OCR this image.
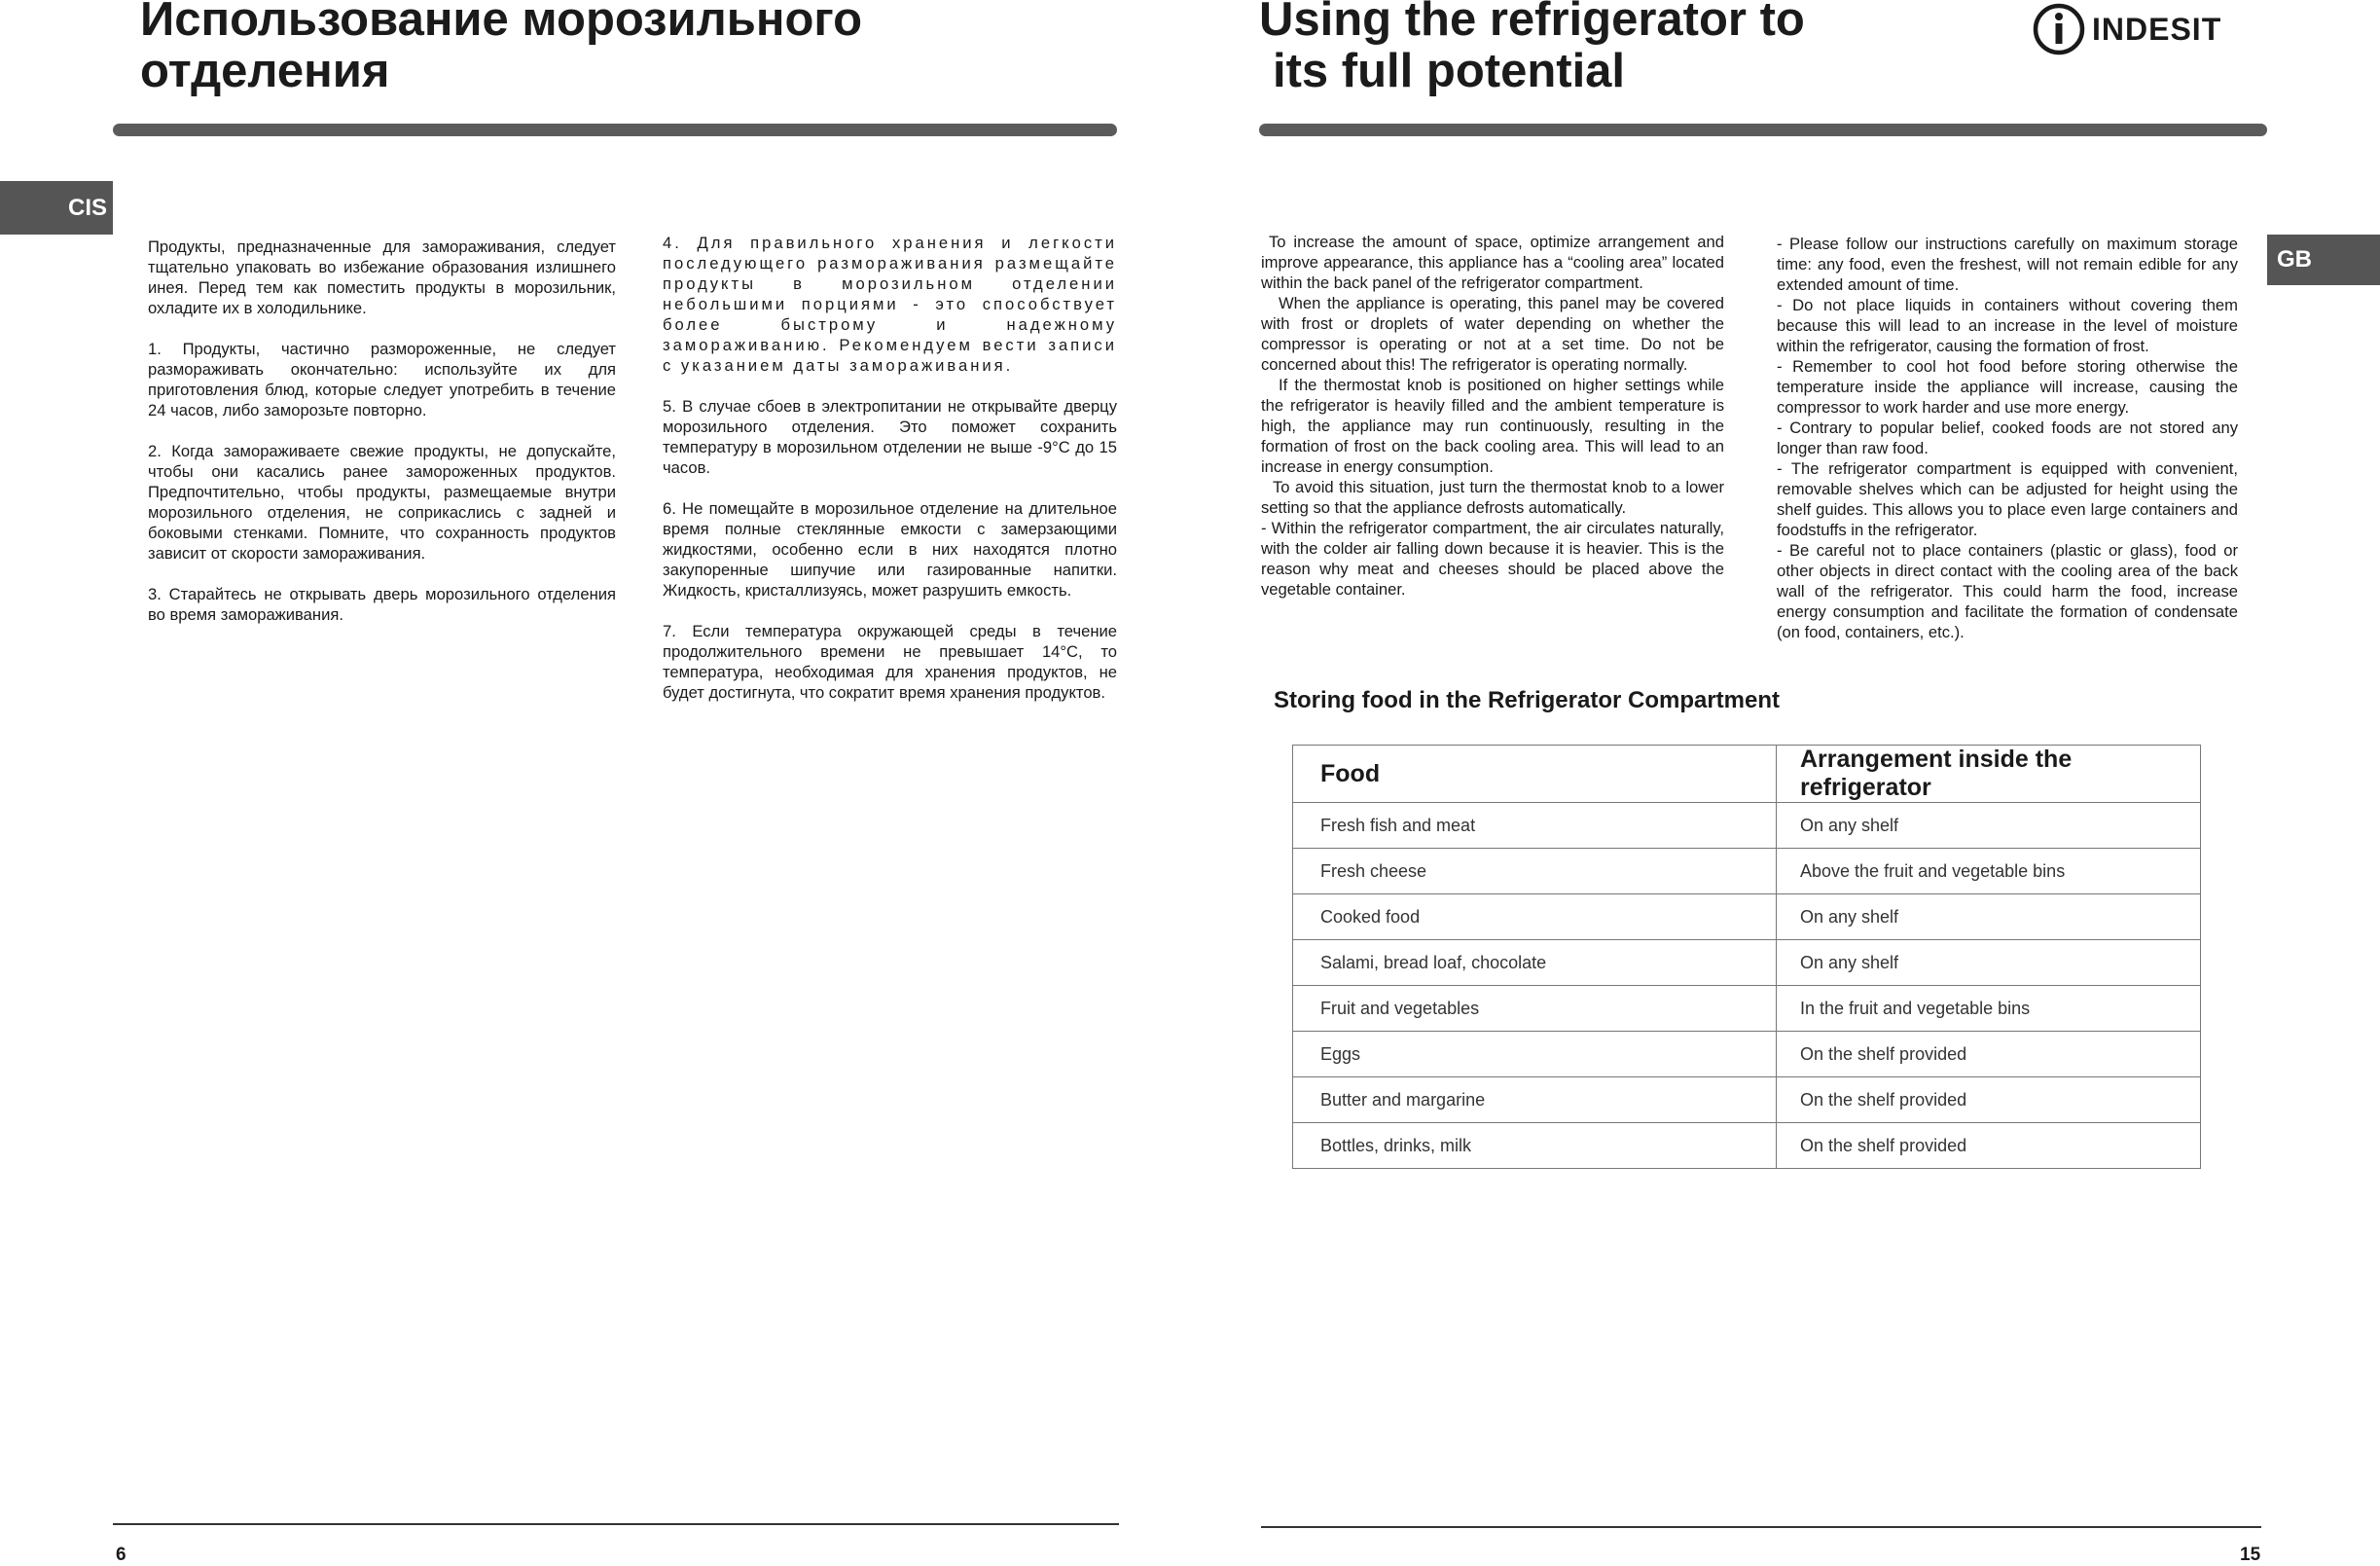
Использование морозильного
отделения
CIS

Продукты, предназначенные для замораживания, следует тщательно упаковать во избежание образования излишнего инея. Перед тем как поместить продукты в морозильник, охладите их в холодильнике.

1. Продукты, частично размороженные, не следует размораживать окончательно: используйте их для приготовления блюд, которые следует употребить в течение 24 часов, либо заморозьте повторно.

2. Когда замораживаете свежие продукты, не допускайте, чтобы они касались ранее замороженных продуктов. Предпочтительно, чтобы продукты, размещаемые внутри морозильного отделения, не соприкаслись с задней и боковыми стенками. Помните, что сохранность продуктов зависит от скорости замораживания.

3. Старайтесь не открывать дверь морозильного отделения во время замораживания.

4. Для правильного хранения и легкости последующего размораживания размещайте продукты в морозильном отделении небольшими порциями - это способствует более быстрому и надежному замораживанию. Рекомендуем вести записи с указанием даты замораживания.

5. В случае сбоев в электропитании не открывайте дверцу морозильного отделения. Это поможет сохранить температуру в морозильном отделении не выше -9°С до 15 часов.

6. Не помещайте в морозильное отделение на длительное время полные стеклянные емкости с замерзающими жидкостями, особенно если в них находятся плотно закупоренные шипучие или газированные напитки. Жидкость, кристаллизуясь, может разрушить емкость.

7. Если температура окружающей среды в течение продолжительного времени не превышает 14°С, то температура, необходимая для хранения продуктов, не будет достигнута, что сократит время хранения продуктов.

6
Using the refrigerator to
its full potential
INDESIT
GB

To increase the amount of space, optimize arrangement and improve appearance, this appliance has a “cooling area” located within the back panel of the refrigerator compartment.

When the appliance is operating, this panel may be covered with frost or droplets of water depending on whether the compressor is operating or not at a set time. Do not be concerned about this! The refrigerator is operating normally.

If the thermostat knob is positioned on higher settings while the refrigerator is heavily filled and the ambient temperature is high, the appliance may run continuously, resulting in the formation of frost on the back cooling area. This will lead to an increase in energy consumption.

To avoid this situation, just turn the thermostat knob to a lower setting so that the appliance defrosts automatically.

- Within the refrigerator compartment, the air circulates naturally, with the colder air falling down because it is heavier. This is the reason why meat and cheeses should be placed above the vegetable container.

- Please follow our instructions carefully on maximum storage time: any food, even the freshest, will not remain edible for any extended amount of time.

- Do not place liquids in containers without covering them because this will lead to an increase in the level of moisture within the refrigerator, causing the formation of frost.

- Remember to cool hot food before storing otherwise the temperature inside the appliance will increase, causing the compressor to work harder and use more energy.

- Contrary to popular belief, cooked foods are not stored any longer than raw food.

- The refrigerator compartment is equipped with convenient, removable shelves which can be adjusted for height using the shelf guides. This allows you to place even large containers and foodstuffs in the refrigerator.

- Be careful not to place containers (plastic or glass), food or other objects in direct contact with the cooling area of the back wall of the refrigerator. This could harm the food, increase energy consumption and facilitate the formation of condensate (on food, containers, etc.).

Storing food in the Refrigerator Compartment
Food	Arrangement inside the refrigerator
Fresh fish and meat	On any shelf
Fresh cheese	Above the fruit and vegetable bins
Cooked food	On any shelf
Salami, bread loaf, chocolate	On any shelf
Fruit and vegetables	In the fruit and vegetable bins
Eggs	On the shelf provided
Butter and margarine	On the shelf provided
Bottles, drinks, milk	On the shelf provided
15
